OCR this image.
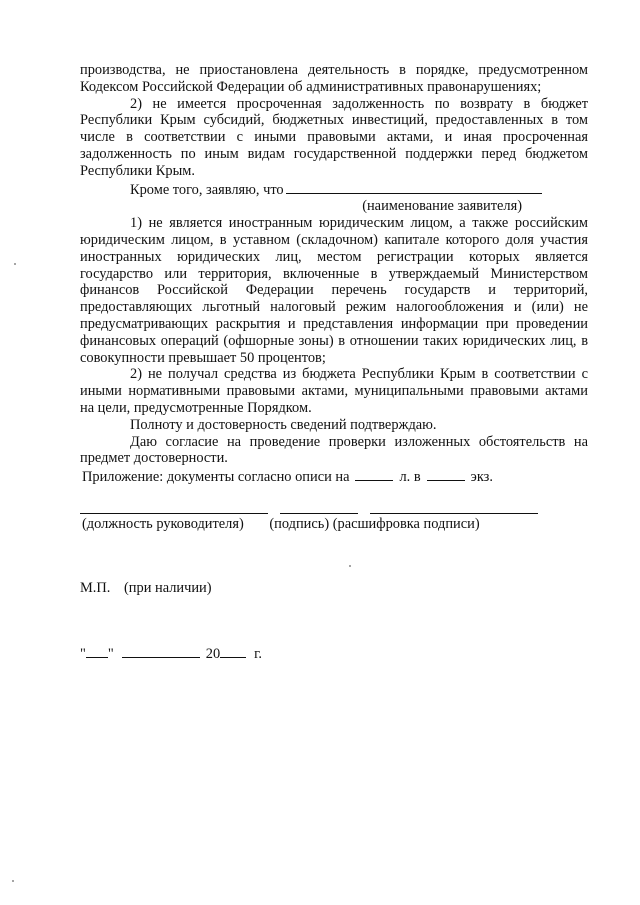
производства, не приостановлена деятельность в порядке, предусмотренном Кодексом Российской Федерации об административных правонарушениях;

2) не имеется просроченная задолженность по возврату в бюджет Республики Крым субсидий, бюджетных инвестиций, предоставленных в том числе в соответствии с иными правовыми актами, и иная просроченная задолженность по иным видам государственной поддержки перед бюджетом Республики Крым.

Кроме того, заявляю, что

(наименование заявителя)

1) не является иностранным юридическим лицом, а также российским юридическим лицом, в уставном (складочном) капитале которого доля участия иностранных юридических лиц, местом регистрации которых является государство или территория, включенные в утверждаемый Министерством финансов Российской Федерации перечень государств и территорий, предоставляющих льготный налоговый режим налогообложения и (или) не предусматривающих раскрытия и представления информации при проведении финансовых операций (офшорные зоны) в отношении таких юридических лиц, в совокупности превышает 50 процентов;

2) не получал средства из бюджета Республики Крым в соответствии с иными нормативными правовыми актами, муниципальными правовыми актами на цели, предусмотренные Порядком.

Полноту и достоверность сведений подтверждаю.

Даю согласие на проведение проверки изложенных обстоятельств на предмет достоверности.

Приложение: документы согласно описи на	л. в	экз.

(должность руководителя) (подпись) (расшифровка подписи)
М.П. (при наличии)
" "	20 г.
